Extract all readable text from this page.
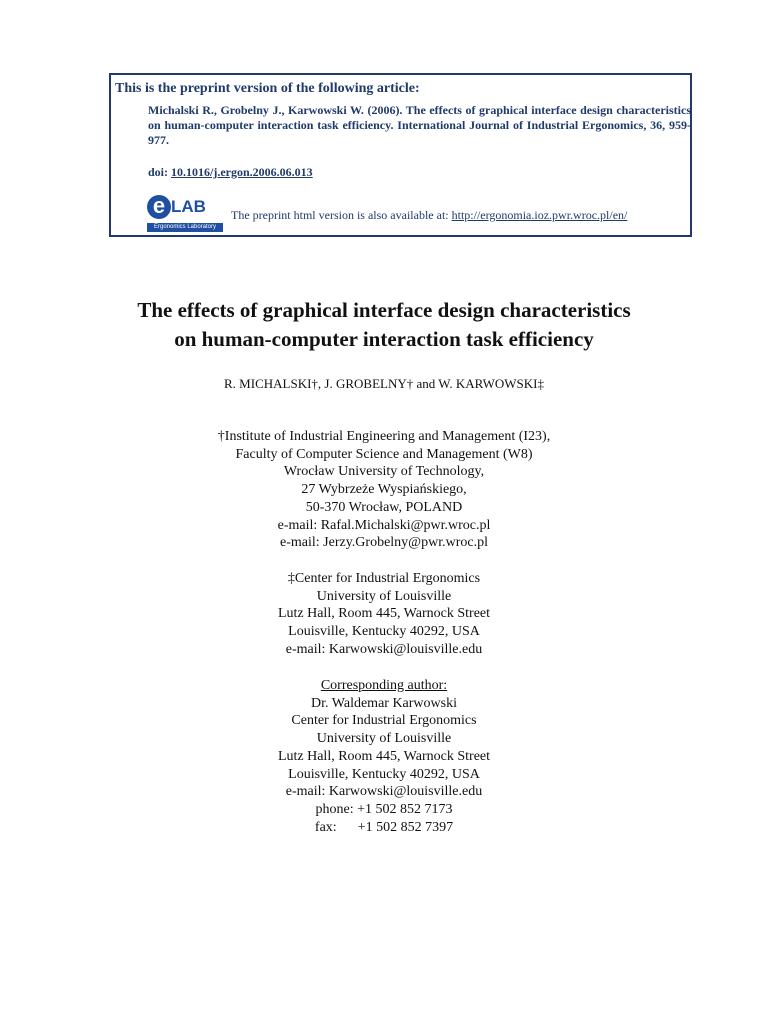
This is the preprint version of the following article:
Michalski R., Grobelny J., Karwowski W. (2006). The effects of graphical interface design characteristics on human-computer interaction task efficiency. International Journal of Industrial Ergonomics, 36, 959-977.
doi: 10.1016/j.ergon.2006.06.013
e LAB
Ergonomics Laboratory
The preprint html version is also available at: http://ergonomia.ioz.pwr.wroc.pl/en/
The effects of graphical interface design characteristics
on human-computer interaction task efficiency
R. MICHALSKI†, J. GROBELNY† and W. KARWOWSKI‡
†Institute of Industrial Engineering and Management (I23),
Faculty of Computer Science and Management (W8)
Wrocław University of Technology,
27 Wybrzeże Wyspiańskiego,
50-370 Wrocław, POLAND
e-mail: Rafal.Michalski@pwr.wroc.pl
e-mail: Jerzy.Grobelny@pwr.wroc.pl
‡Center for Industrial Ergonomics
University of Louisville
Lutz Hall, Room 445, Warnock Street
Louisville, Kentucky 40292, USA
e-mail: Karwowski@louisville.edu
Corresponding author:
Dr. Waldemar Karwowski
Center for Industrial Ergonomics
University of Louisville
Lutz Hall, Room 445, Warnock Street
Louisville, Kentucky 40292, USA
e-mail: Karwowski@louisville.edu
phone: +1 502 852 7173
fax:      +1 502 852 7397
